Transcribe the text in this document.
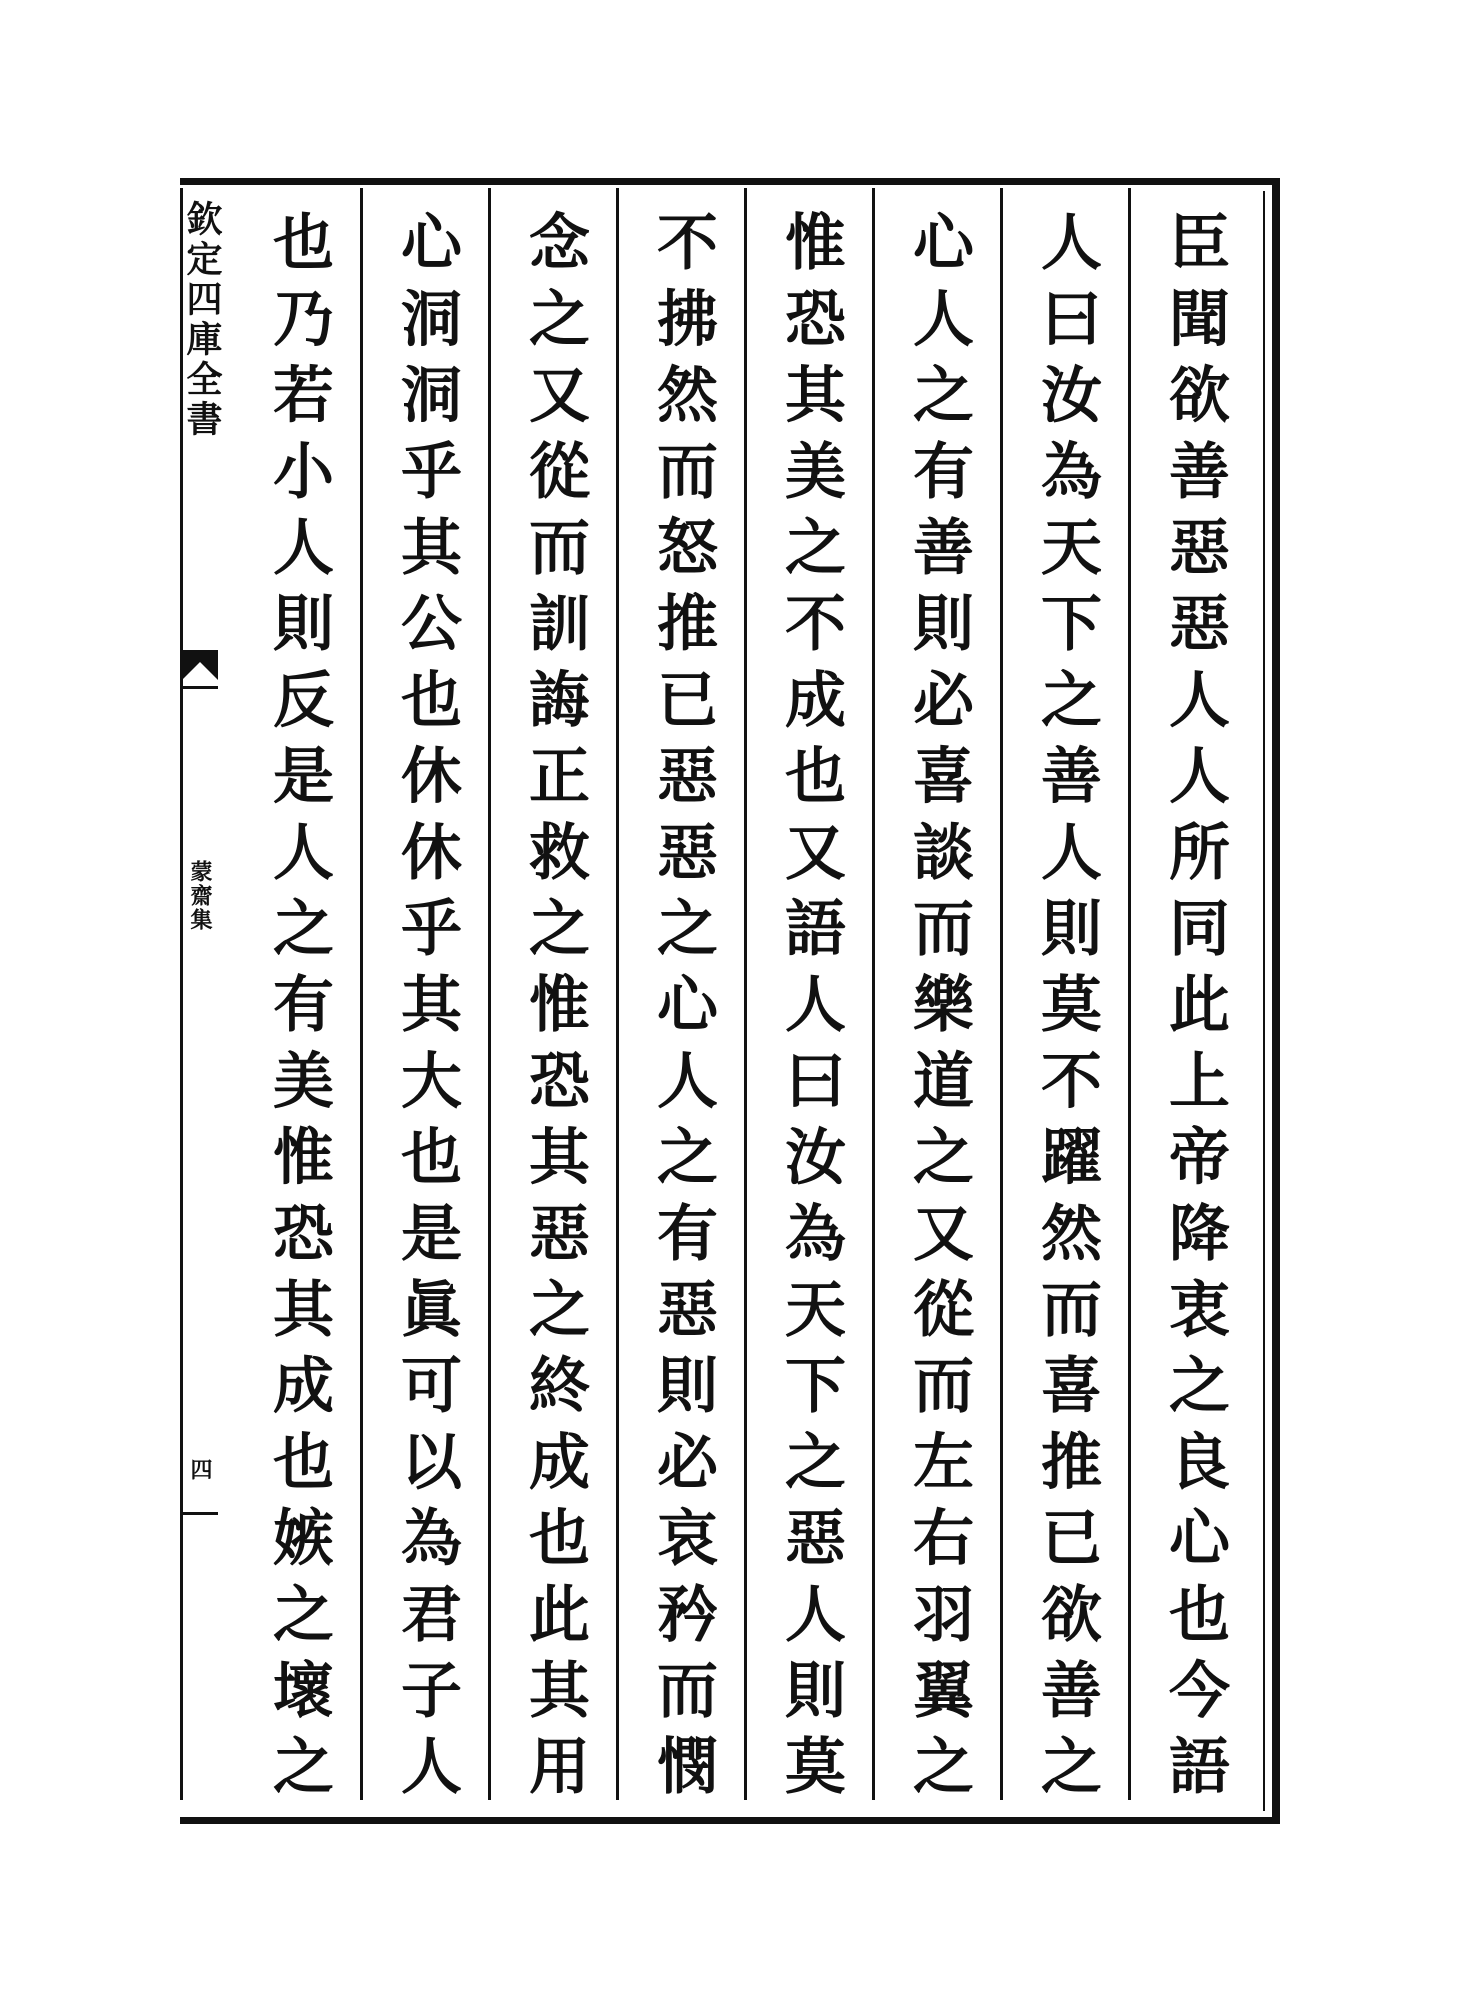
欽定四庫全書
蒙齋集
四	臣聞欲善惡惡人人所同此上帝降衷之良心也今語
人曰汝為天下之善人則莫不躍然而喜推已欲善之
心人之有善則必喜談而樂道之又從而左右羽翼之
惟恐其美之不成也又語人曰汝為天下之惡人則莫
不拂然而怒推已惡惡之心人之有惡則必哀矜而憫
念之又從而訓誨正救之惟恐其惡之終成也此其用
心洞洞乎其公也休休乎其大也是眞可以為君子人
也乃若小人則反是人之有美惟恐其成也嫉之壞之
